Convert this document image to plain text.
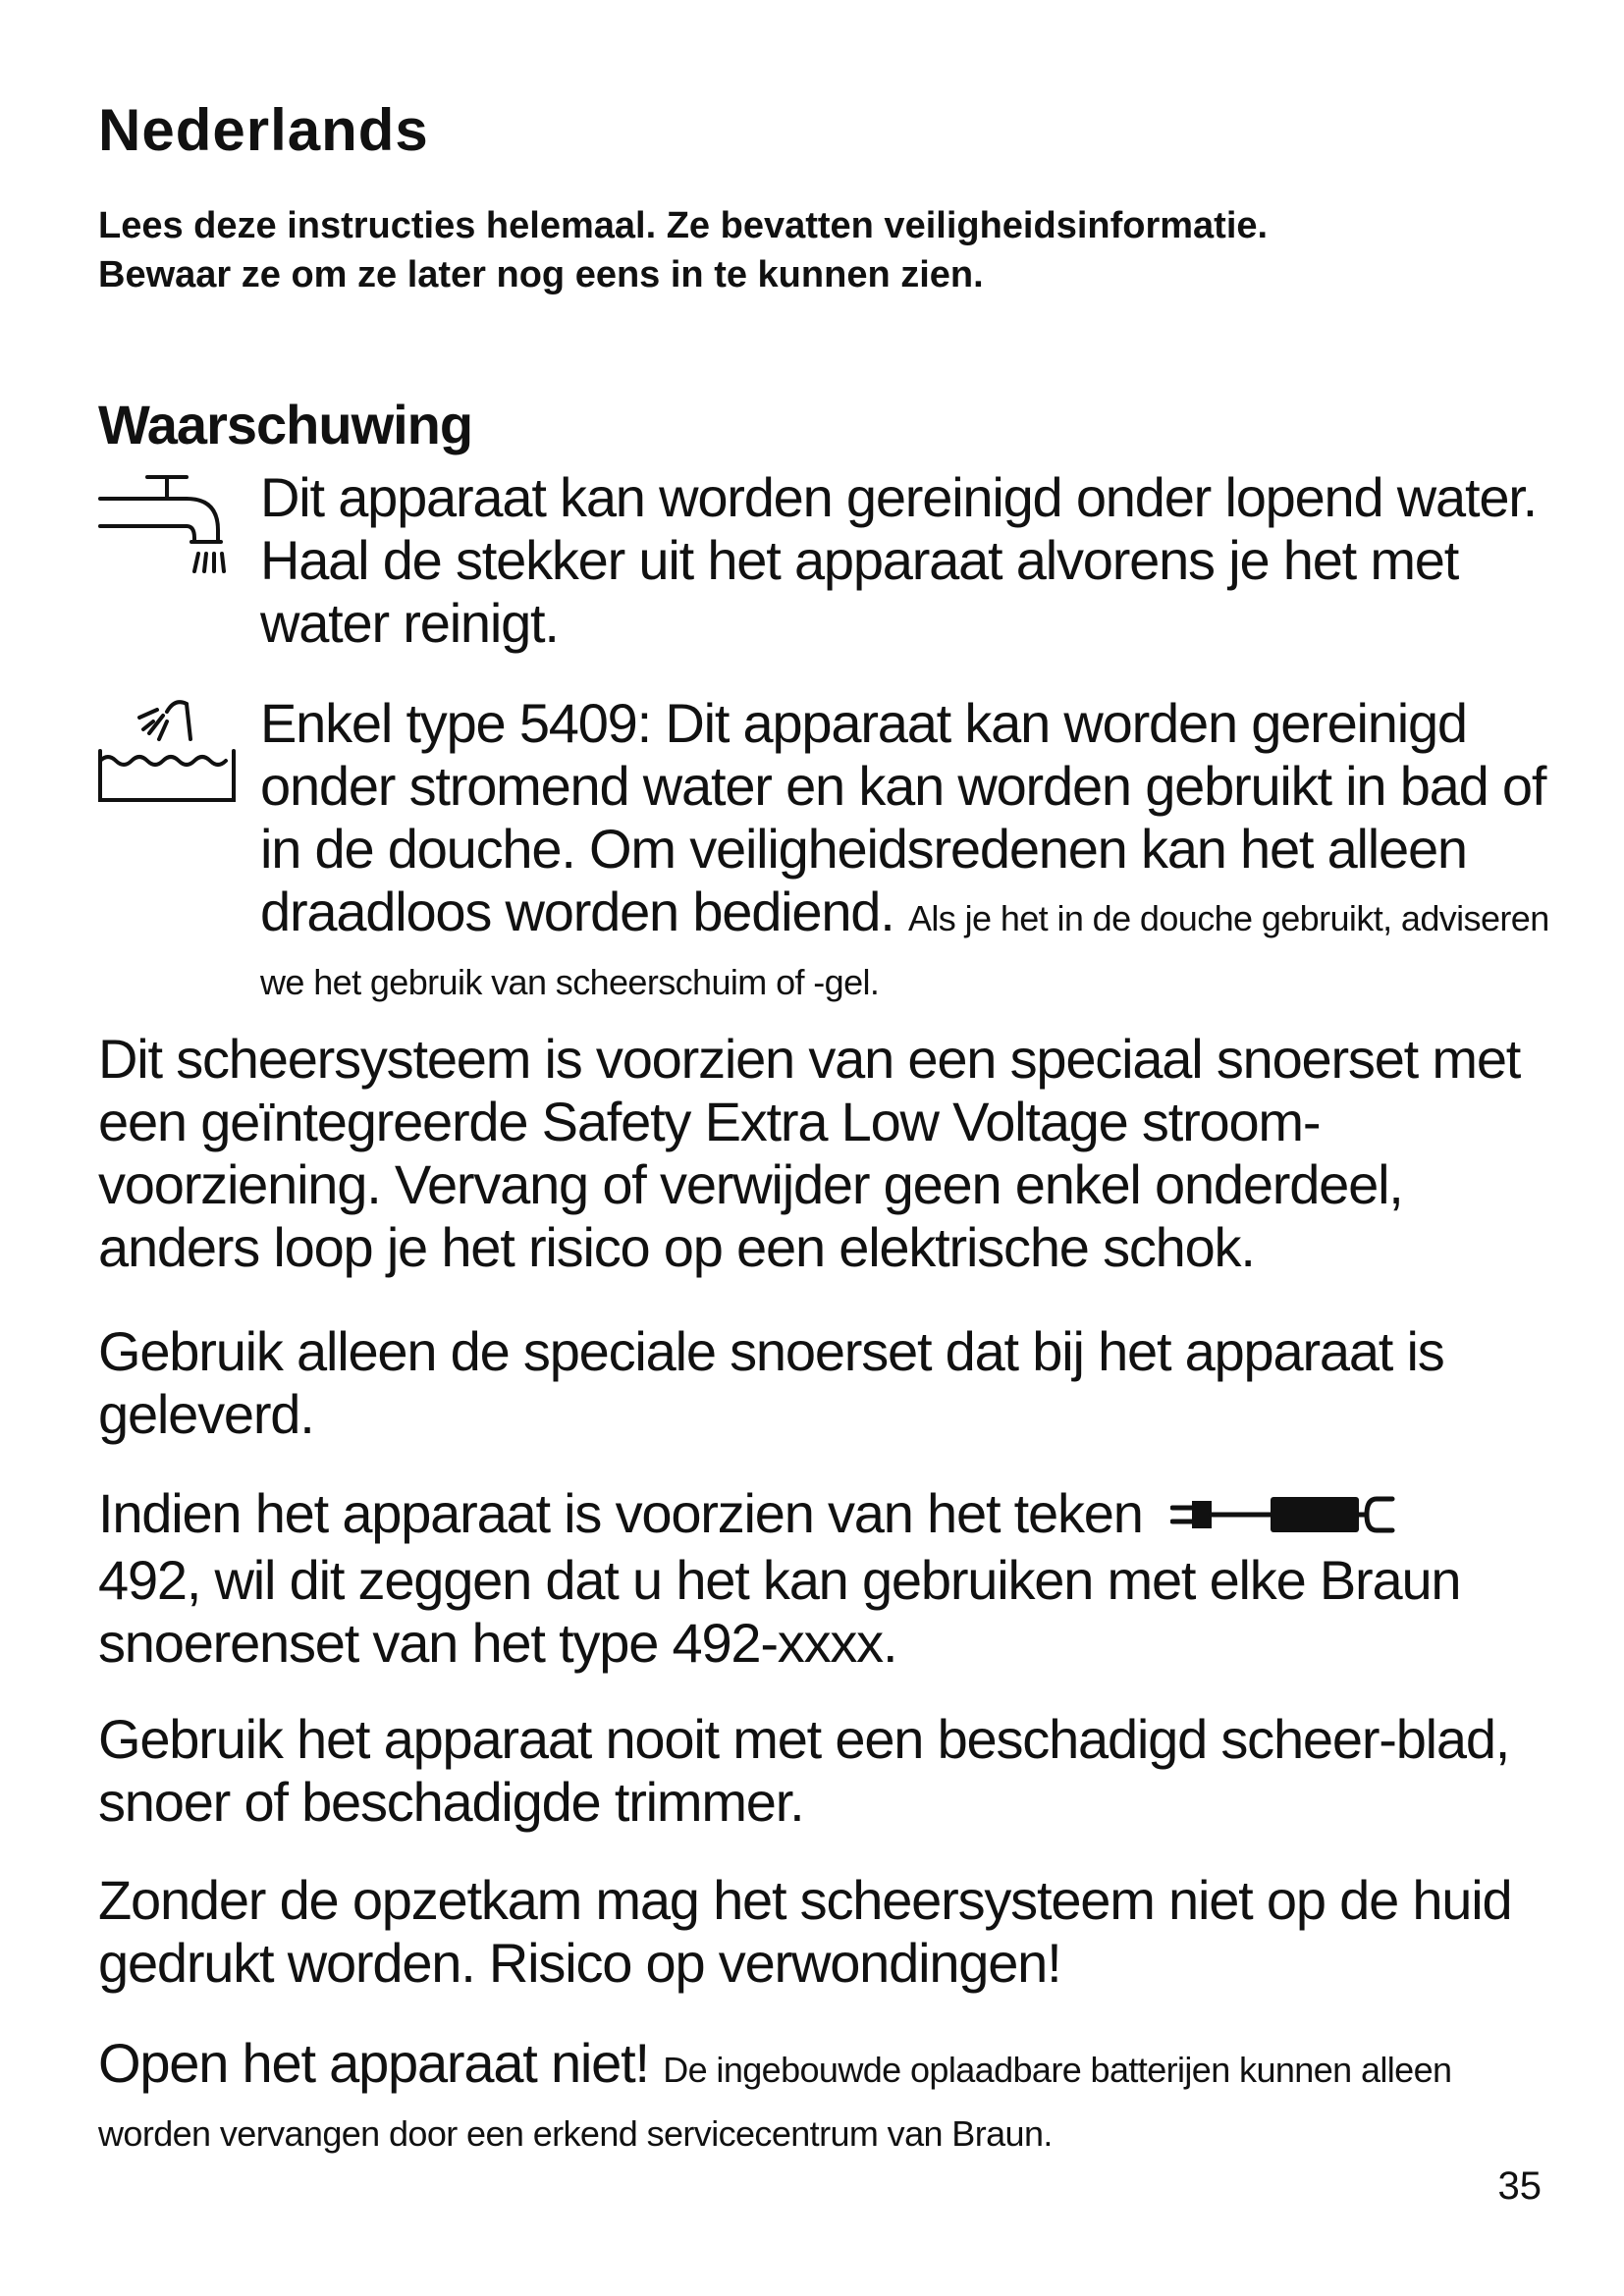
Nederlands

Lees deze instructies helemaal. Ze bevatten veiligheidsinformatie.
Bewaar ze om ze later nog eens in te kunnen zien.

Waarschuwing

Dit apparaat kan worden gereinigd onder lopend water. Haal de stekker uit het apparaat alvorens je het met water reinigt.

Enkel type 5409: Dit apparaat kan worden gereinigd onder stromend water en kan worden gebruikt in bad of in de douche. Om veiligheidsredenen kan het alleen draadloos worden bediend. Als je het in de douche gebruikt, adviseren we het gebruik van scheerschuim of -gel.

Dit scheersysteem is voorzien van een speciaal snoerset met een geïntegreerde Safety Extra Low Voltage stroom-voorziening. Vervang of verwijder geen enkel onderdeel, anders loop je het risico op een elektrische schok.

Gebruik alleen de speciale snoerset dat bij het apparaat is geleverd.

Indien het apparaat is voorzien van het teken
492, wil dit zeggen dat u het kan gebruiken met elke Braun snoerenset van het type 492-xxxx.

Gebruik het apparaat nooit met een beschadigd scheer-blad, snoer of beschadigde trimmer.

Zonder de opzetkam mag het scheersysteem niet op de huid gedrukt worden. Risico op verwondingen!

Open het apparaat niet! De ingebouwde oplaadbare batterijen kunnen alleen worden vervangen door een erkend servicecentrum van Braun.

35
